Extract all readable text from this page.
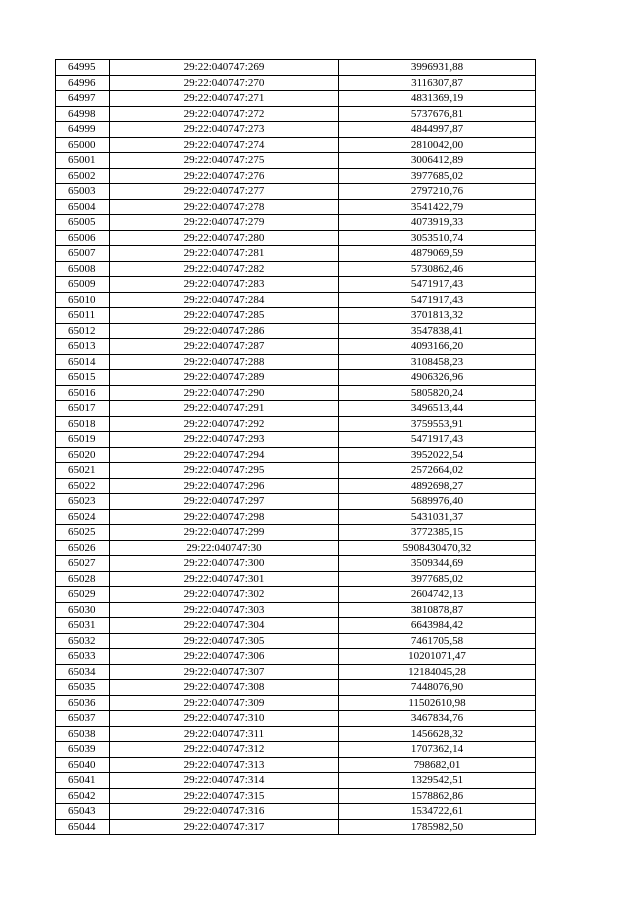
64995	29:22:040747:269	3996931,88
64996	29:22:040747:270	3116307,87
64997	29:22:040747:271	4831369,19
64998	29:22:040747:272	5737676,81
64999	29:22:040747:273	4844997,87
65000	29:22:040747:274	2810042,00
65001	29:22:040747:275	3006412,89
65002	29:22:040747:276	3977685,02
65003	29:22:040747:277	2797210,76
65004	29:22:040747:278	3541422,79
65005	29:22:040747:279	4073919,33
65006	29:22:040747:280	3053510,74
65007	29:22:040747:281	4879069,59
65008	29:22:040747:282	5730862,46
65009	29:22:040747:283	5471917,43
65010	29:22:040747:284	5471917,43
65011	29:22:040747:285	3701813,32
65012	29:22:040747:286	3547838,41
65013	29:22:040747:287	4093166,20
65014	29:22:040747:288	3108458,23
65015	29:22:040747:289	4906326,96
65016	29:22:040747:290	5805820,24
65017	29:22:040747:291	3496513,44
65018	29:22:040747:292	3759553,91
65019	29:22:040747:293	5471917,43
65020	29:22:040747:294	3952022,54
65021	29:22:040747:295	2572664,02
65022	29:22:040747:296	4892698,27
65023	29:22:040747:297	5689976,40
65024	29:22:040747:298	5431031,37
65025	29:22:040747:299	3772385,15
65026	29:22:040747:30	5908430470,32
65027	29:22:040747:300	3509344,69
65028	29:22:040747:301	3977685,02
65029	29:22:040747:302	2604742,13
65030	29:22:040747:303	3810878,87
65031	29:22:040747:304	6643984,42
65032	29:22:040747:305	7461705,58
65033	29:22:040747:306	10201071,47
65034	29:22:040747:307	12184045,28
65035	29:22:040747:308	7448076,90
65036	29:22:040747:309	11502610,98
65037	29:22:040747:310	3467834,76
65038	29:22:040747:311	1456628,32
65039	29:22:040747:312	1707362,14
65040	29:22:040747:313	798682,01
65041	29:22:040747:314	1329542,51
65042	29:22:040747:315	1578862,86
65043	29:22:040747:316	1534722,61
65044	29:22:040747:317	1785982,50
